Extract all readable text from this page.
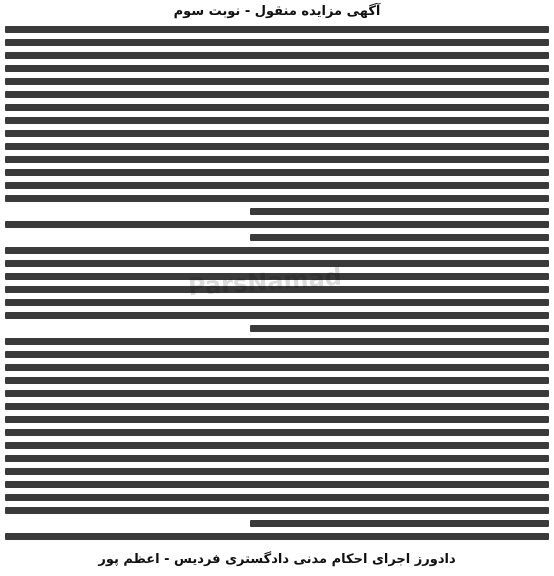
آگهی مزایده منقول - نوبت سوم
ParsNamad
دادورز اجرای احکام مدنی دادگستری فردیس - اعظم پور
